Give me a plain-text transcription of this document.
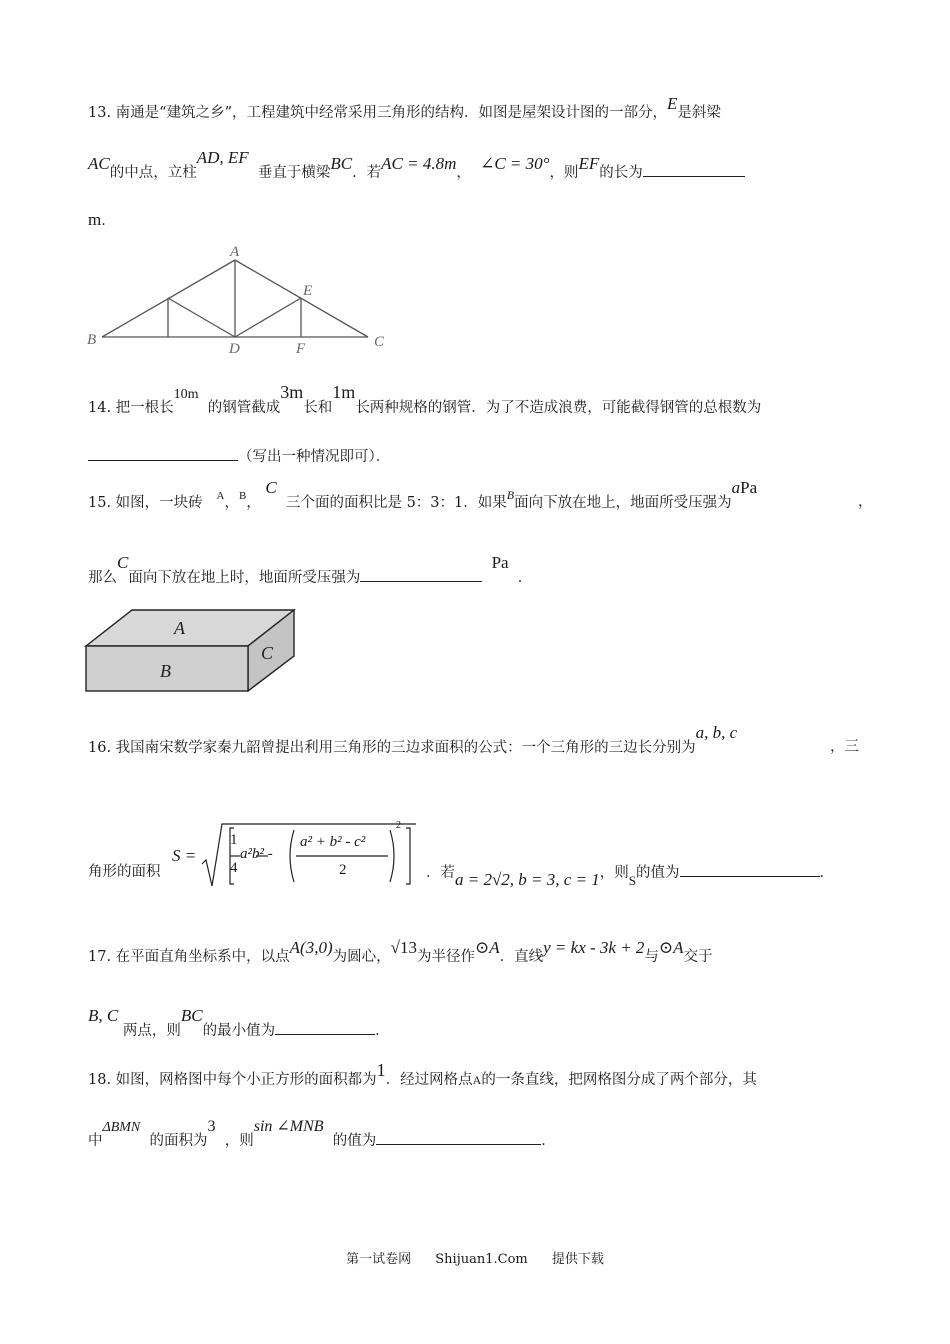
13. 南通是“建筑之乡”，工程建筑中经常采用三角形的结构．如图是屋架设计图的一部分，E是斜梁
AC的中点，立柱AD, EF  垂直于横梁BC．若AC = 4.8m， ∠C = 30°，则EF的长为
m．
A
B	C
D
E
F
14. 把一根长10m  的钢管截成3m长和1m长两种规格的钢管．为了不造成浪费，可能截得钢管的总根数为
（写出一种情况即可）．
15. 如图，一块砖 $^A$，$^B$， C  三个面的面积比是 5：3：1．如果$^B$面向下放在地上，地面所受压强为aPa
，
那么C面向下放在地上时，地面所受压强为  Pa  ．
A
B
C
16. 我国南宋数学家秦九韶曾提出利用三角形的三边求面积的公式：一个三角形的三边长分别为a, b, c
，三
角形的面积
S =
1
4
a²b² -
a² + b² - c²
2
2
．若a = 2√2, b = 3, c = 1，则S的值为	．
17. 在平面直角坐标系中，以点A(3,0)为圆心，√13为半径作⊙A．直线y = kx - 3k + 2与⊙A交于
B, C 两点，则BC的最小值为	．
18. 如图，网格图中每个小正方形的面积都为1．经过网格点A的一条直线，把网格图分成了两个部分，其
中ΔBMN  的面积为3  ，则sin ∠MNB  的值为	．
第一试卷网 Shijuan1.Com 提供下载
